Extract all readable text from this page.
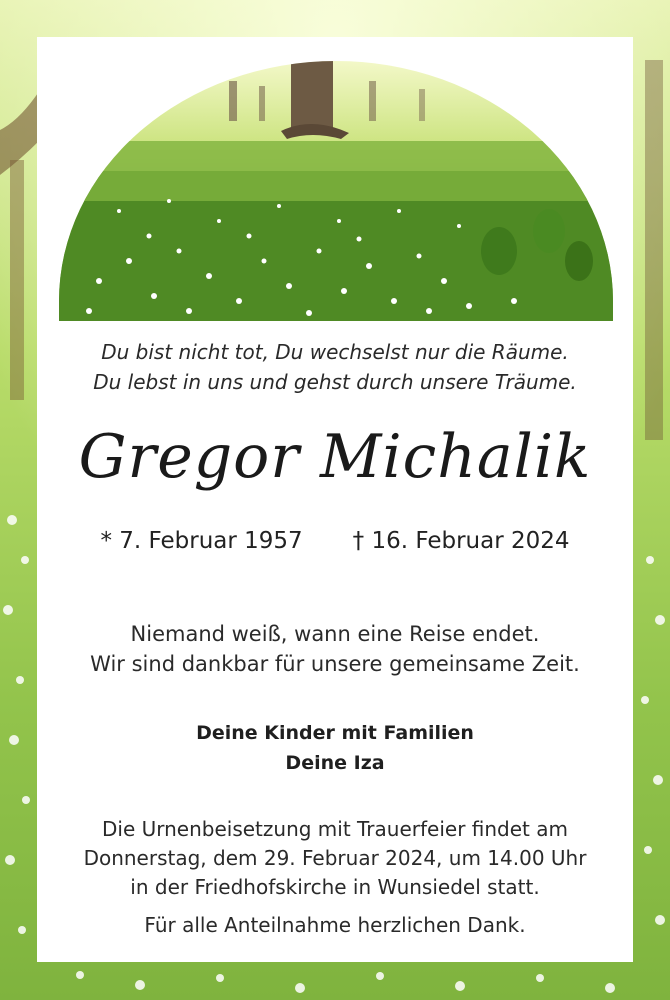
Du bist nicht tot, Du wechselst nur die Räume.
Du lebst in uns und gehst durch unsere Träume.
Gregor Michalik
* 7. Februar 1957 † 16. Februar 2024
Niemand weiß, wann eine Reise endet.
Wir sind dankbar für unsere gemeinsame Zeit.
Deine Kinder mit Familien
Deine Iza
Die Urnenbeisetzung mit Trauerfeier findet am
Donnerstag, dem 29. Februar 2024, um 14.00 Uhr
in der Friedhofskirche in Wunsiedel statt.
Für alle Anteilnahme herzlichen Dank.
